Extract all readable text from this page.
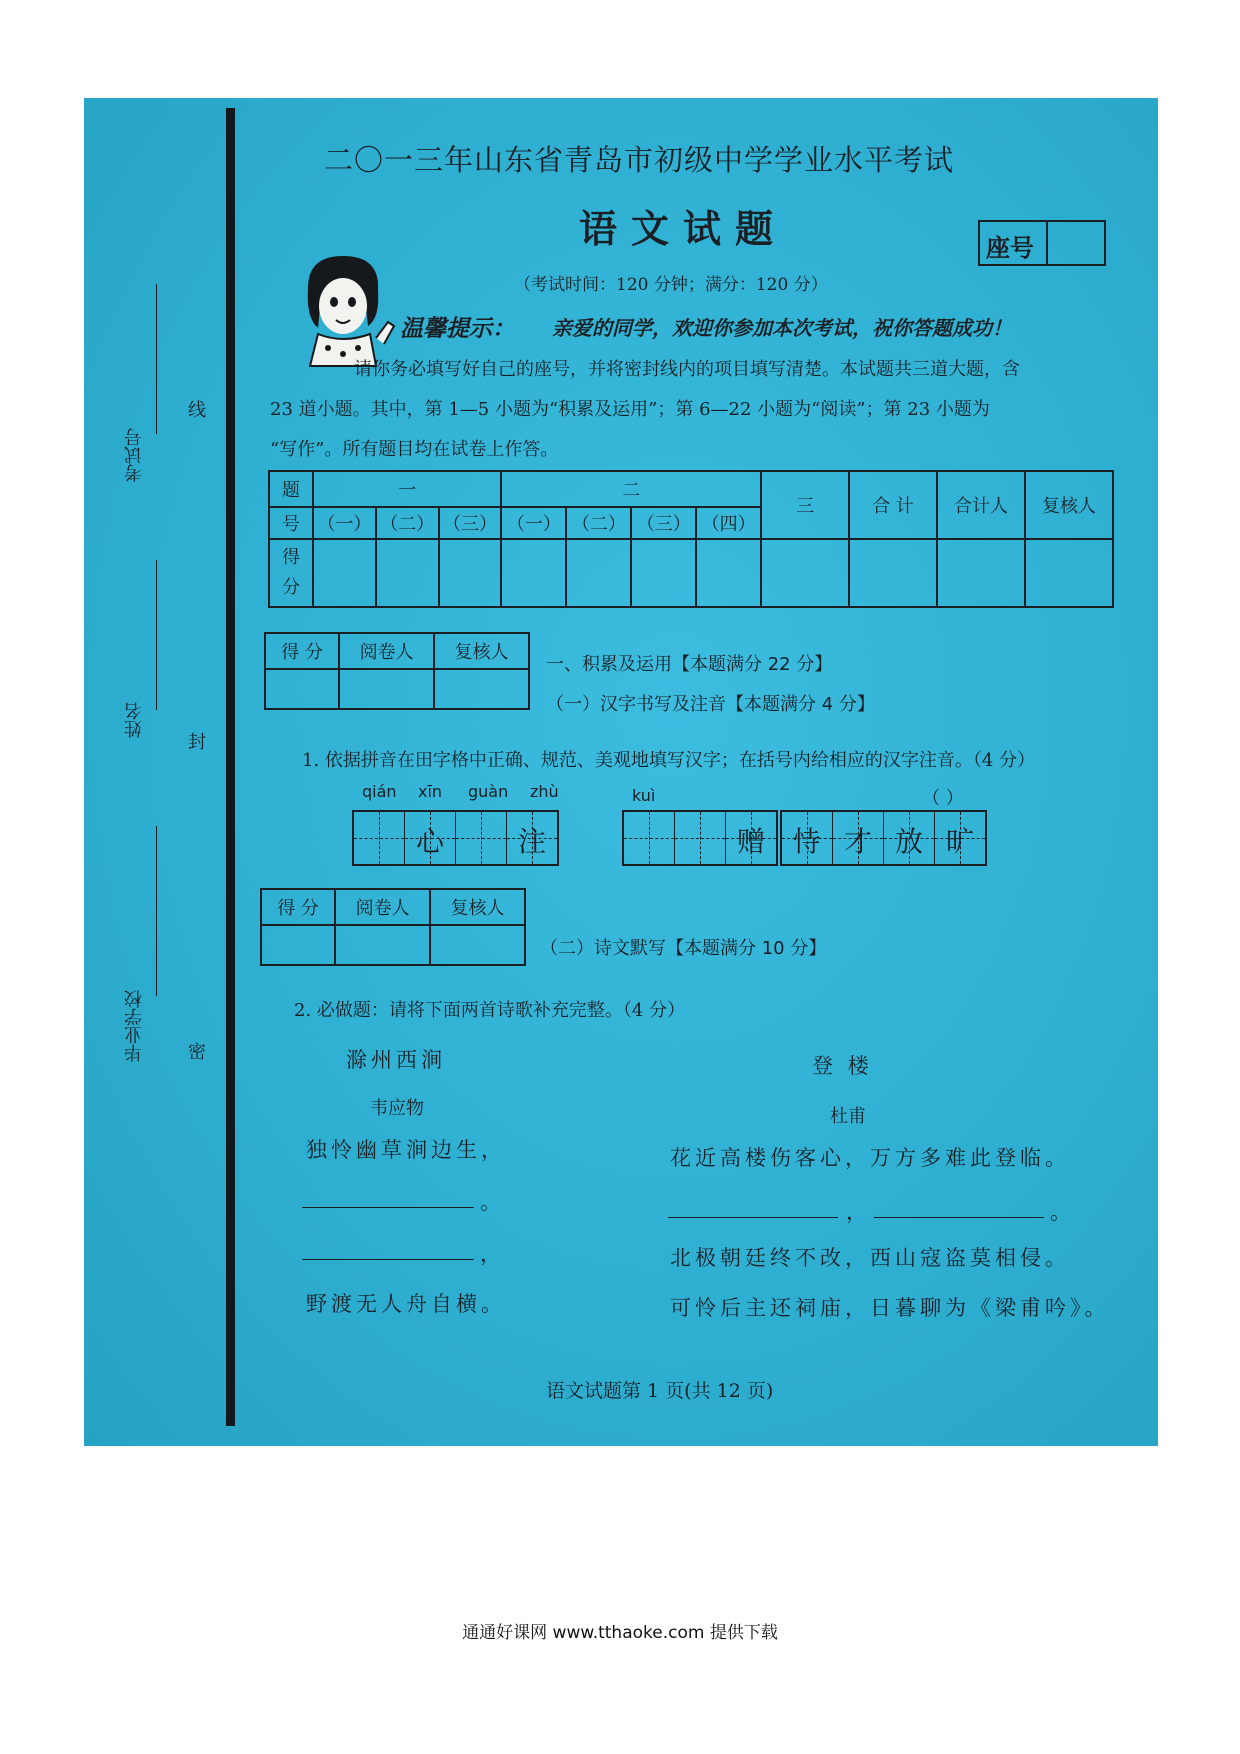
考试号
姓名
毕业学校
线
封
密
二〇一三年山东省青岛市初级中学学业水平考试
语文试题	座号
（考试时间：120 分钟；满分：120 分）
温馨提示： 亲爱的同学，欢迎你参加本次考试，祝你答题成功！
请你务必填写好自己的座号，并将密封线内的项目填写清楚。本试题共三道大题，含
23 道小题。其中，第 1—5 小题为“积累及运用”；第 6—22 小题为“阅读”；第 23 小题为
“写作”。所有题目均在试卷上作答。
题	一			二				三	合 计	合计人	复核人
号	（一）	（二）	（三）	（一）	（二）	（三）	（四）				
得
分											
得 分	阅卷人	复核人

一、积累及运用【本题满分 22 分】
（一）汉字书写及注音【本题满分 4 分】
1. 依据拼音在田字格中正确、规范、美观地填写汉字；在括号内给相应的汉字注音。（4 分）
qián xīn guàn zhù	kuì	（ ）
心	注	赠 恃 才 放 旷
得 分	阅卷人	复核人

（二）诗文默写【本题满分 10 分】
2. 必做题：请将下面两首诗歌补充完整。（4 分）
滁州西涧
韦应物
独怜幽草涧边生，
。
，
野渡无人舟自横。
登 楼
杜甫
花近高楼伤客心，万方多难此登临。
，	。
北极朝廷终不改，西山寇盗莫相侵。
可怜后主还祠庙，日暮聊为《梁甫吟》。
语文试题第 1 页(共 12 页)
通通好课网 www.tthaoke.com 提供下载
